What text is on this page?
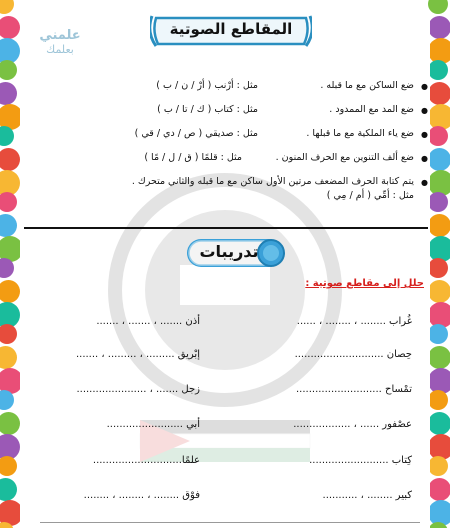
علمني
بعلمك
المقاطع الصوتية
●
ضع الساكن مع ما قبله .
مثل : أرْنب ( أرْ / ن / ب )
●
ضع المد مع الممدود .
مثل : كتاب ( ك / تا / ب )
●
ضع ياء الملكية مع ما قبلها .
مثل : صديقي ( ص / دي / قي )
●
ضع ألف التنوين مع الحرف المنون .
مثل : قلمًا ( ق / ل / مًا )
●
يتم كتابة الحرف المضعف مرتين الأول ساكن مع ما قبله والثاني متحرك .
مثل : أمِّي ( أم / مِي )
تدريبات
حلل إلى مقاطع صوتية :
غُراب ........ ، ........ ، ......
أذن ....... ، ....... ، .......
حِصان ............................
إبْريق ......... ، ......... ، .......
تمْساح ...........................
زجل ....... ، ......................
عصْفور ...... ، ..................
أبي ........................
كِتاب .........................
علمًا............................
كبير ........ ، ...........
فوْق ........ ، ........ ، ........
